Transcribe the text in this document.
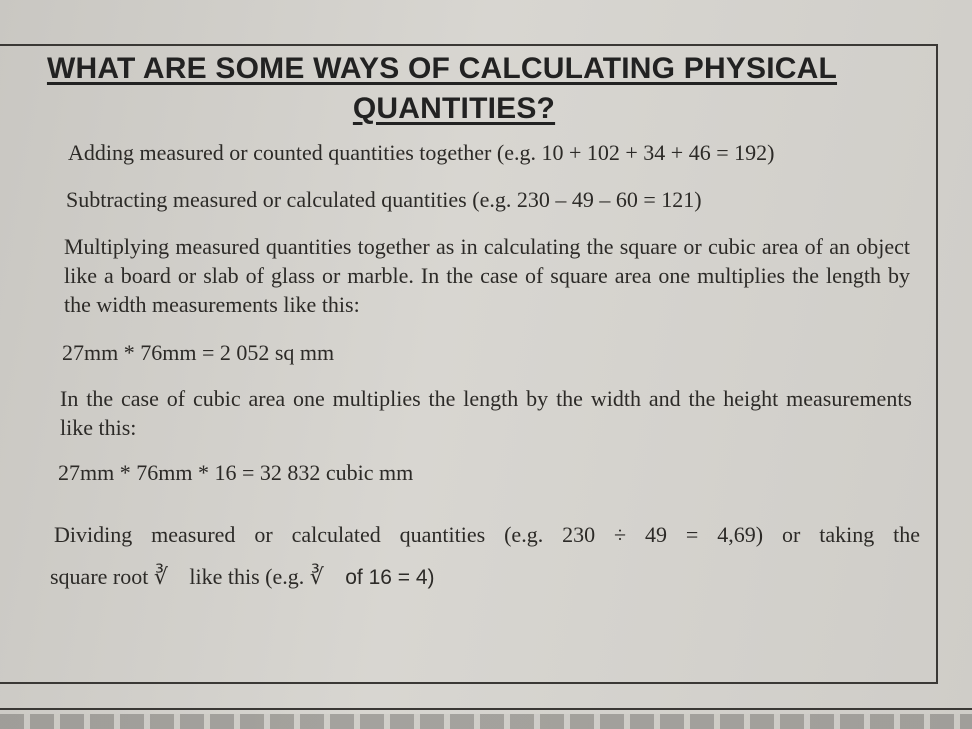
WHAT ARE SOME WAYS OF CALCULATING PHYSICAL
QUANTITIES?
Adding measured or counted quantities together (e.g. 10 + 102 + 34 + 46 = 192)
Subtracting measured or calculated quantities (e.g. 230 – 49 – 60 = 121)
Multiplying measured quantities together as in calculating the square or cubic area of an object like a board or slab of glass or marble. In the case of square area one multiplies the length by the width measurements like this:
27mm * 76mm = 2 052 sq mm
In the case of cubic area one multiplies the length by the width and the height measurements like this:
27mm * 76mm * 16 = 32 832 cubic mm
Dividing measured or calculated quantities (e.g. 230 ÷ 49 = 4,69) or taking the
square root ∛ like this (e.g. ∛ of 16 = 4)
